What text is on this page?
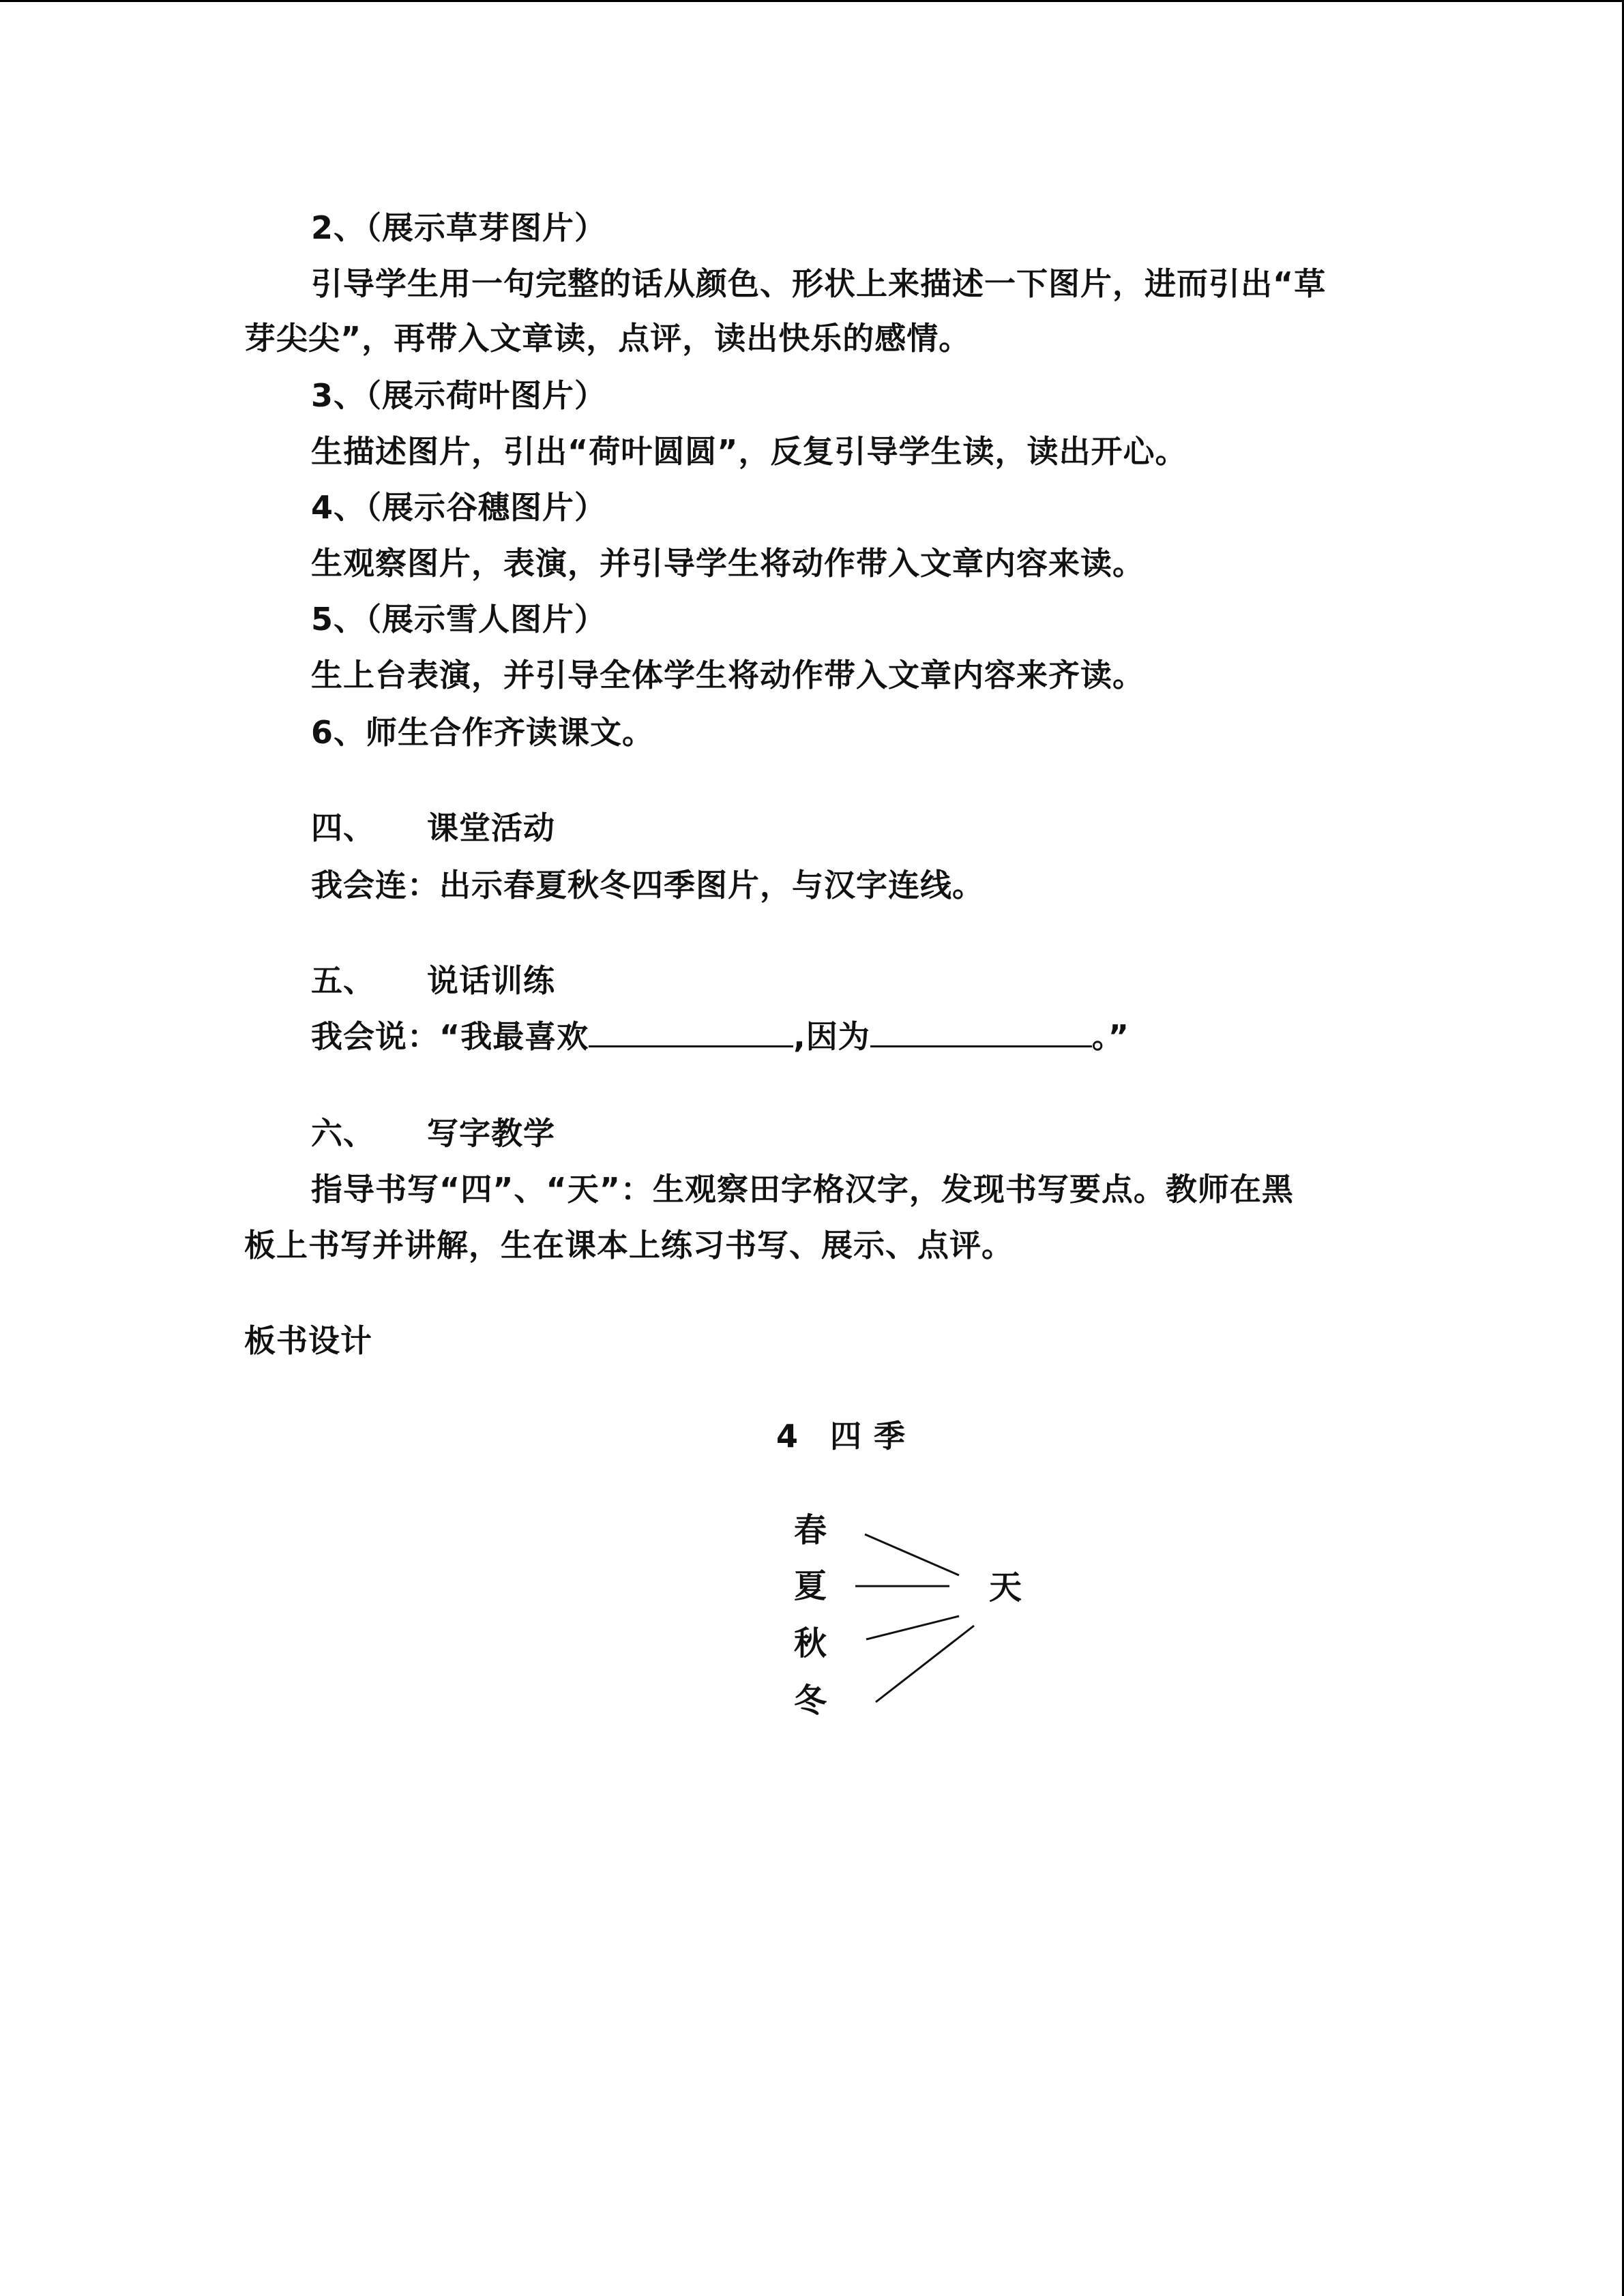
2、（展示草芽图片）
引导学生用一句完整的话从颜色、形状上来描述一下图片，进而引出“草
芽尖尖”，再带入文章读，点评，读出快乐的感情。
3、（展示荷叶图片）
生描述图片，引出“荷叶圆圆”，反复引导学生读，读出开心。
4、（展示谷穗图片）
生观察图片，表演，并引导学生将动作带入文章内容来读。
5、（展示雪人图片）
生上台表演，并引导全体学生将动作带入文章内容来齐读。
6、师生合作齐读课文。
四、 课堂活动
我会连：出示春夏秋冬四季图片，与汉字连线。
五、 说话训练
我会说：“我最喜欢	,因为	。”
六、 写字教学
指导书写“四”、“天”：生观察田字格汉字，发现书写要点。教师在黑
板上书写并讲解，生在课本上练习书写、展示、点评。
板书设计
4 四 季
春
夏
秋
冬
天
